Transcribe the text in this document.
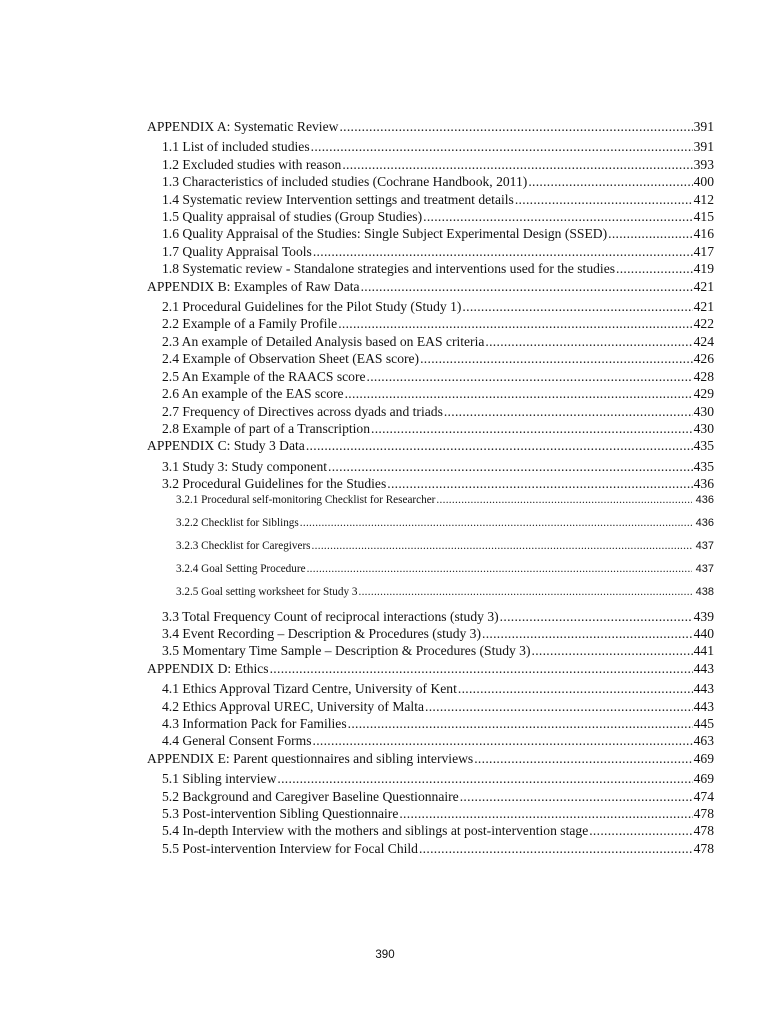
APPENDIX A: Systematic Review .....	391
1.1 List of included studies .....	391
1.2 Excluded studies with reason .....	393
1.3 Characteristics of included studies (Cochrane Handbook, 2011) .....	400
1.4 Systematic review Intervention settings and treatment details .....	412
1.5 Quality appraisal of studies (Group Studies) .....	415
1.6 Quality Appraisal of the Studies: Single Subject Experimental Design (SSED) .....	416
1.7 Quality Appraisal Tools .....	417
1.8 Systematic review - Standalone strategies and interventions used for the studies .....	419
APPENDIX B: Examples of Raw Data .....	421
2.1 Procedural Guidelines for the Pilot Study (Study 1) .....	421
2.2 Example of a Family Profile .....	422
2.3 An example of Detailed Analysis based on EAS criteria .....	424
2.4 Example of Observation Sheet (EAS score) .....	426
2.5 An Example of the RAACS score .....	428
2.6 An example of the EAS score .....	429
2.7 Frequency of Directives across dyads and triads .....	430
2.8 Example of part of a Transcription .....	430
APPENDIX C: Study 3 Data .....	435
3.1 Study 3: Study component .....	435
3.2 Procedural Guidelines for the Studies .....	436
3.2.1 Procedural self-monitoring Checklist for Researcher .....	436
3.2.2 Checklist for Siblings .....	436
3.2.3 Checklist for Caregivers .....	437
3.2.4 Goal Setting Procedure .....	437
3.2.5 Goal setting worksheet for Study 3 .....	438
3.3 Total Frequency Count of reciprocal interactions (study 3) .....	439
3.4 Event Recording – Description & Procedures (study 3) .....	440
3.5 Momentary Time Sample – Description & Procedures (Study 3) .....	441
APPENDIX D: Ethics .....	443
4.1 Ethics Approval Tizard Centre, University of Kent .....	443
4.2 Ethics Approval UREC, University of Malta .....	443
4.3 Information Pack for Families .....	445
4.4 General Consent Forms .....	463
APPENDIX E: Parent questionnaires and sibling interviews .....	469
5.1 Sibling interview .....	469
5.2 Background and Caregiver Baseline Questionnaire .....	474
5.3 Post-intervention Sibling Questionnaire .....	478
5.4 In-depth Interview with the mothers and siblings at post-intervention stage .....	478
5.5 Post-intervention Interview for Focal Child .....	478
390
